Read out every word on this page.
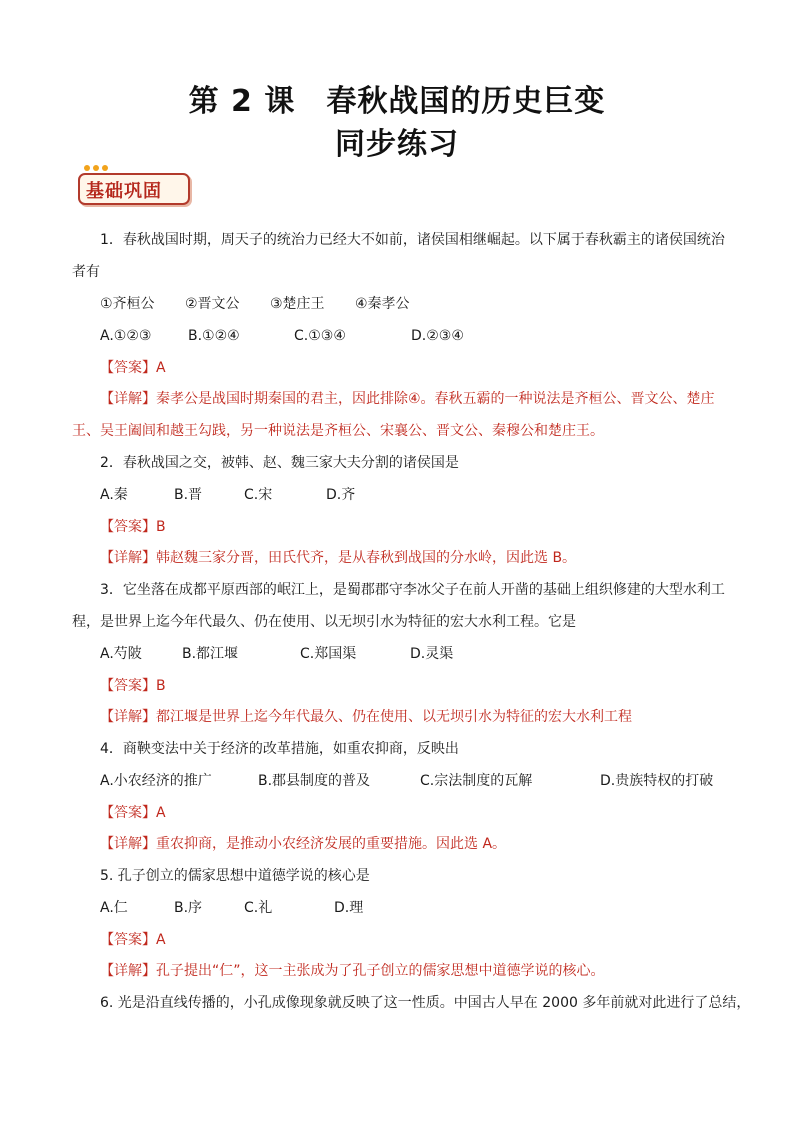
第 2 课　春秋战国的历史巨变
同步练习
基础巩固
1．春秋战国时期，周天子的统治力已经大不如前，诸侯国相继崛起。以下属于春秋霸主的诸侯国统治
者有
①齐桓公 ②晋文公 ③楚庄王 ④秦孝公
A.①②③	B.①②④	C.①③④	D.②③④
【答案】A
【详解】秦孝公是战国时期秦国的君主，因此排除④。春秋五霸的一种说法是齐桓公、晋文公、楚庄
王、吴王阖闾和越王勾践，另一种说法是齐桓公、宋襄公、晋文公、秦穆公和楚庄王。
2．春秋战国之交，被韩、赵、魏三家大夫分割的诸侯国是
A.秦	B.晋	C.宋	D.齐
【答案】B
【详解】韩赵魏三家分晋，田氏代齐，是从春秋到战国的分水岭，因此选 B。
3．它坐落在成都平原西部的岷江上，是蜀郡郡守李冰父子在前人开凿的基础上组织修建的大型水利工
程，是世界上迄今年代最久、仍在使用、以无坝引水为特征的宏大水利工程。它是
A.芍陂	B.都江堰	C.郑国渠	D.灵渠
【答案】B
【详解】都江堰是世界上迄今年代最久、仍在使用、以无坝引水为特征的宏大水利工程
4．商鞅变法中关于经济的改革措施，如重农抑商，反映出
A.小农经济的推广	B.郡县制度的普及	C.宗法制度的瓦解	D.贵族特权的打破
【答案】A
【详解】重农抑商，是推动小农经济发展的重要措施。因此选 A。
5. 孔子创立的儒家思想中道德学说的核心是
A.仁	B.序	C.礼	D.理
【答案】A
【详解】孔子提出“仁”，这一主张成为了孔子创立的儒家思想中道德学说的核心。
6. 光是沿直线传播的，小孔成像现象就反映了这一性质。中国古人早在 2000 多年前就对此进行了总结，
